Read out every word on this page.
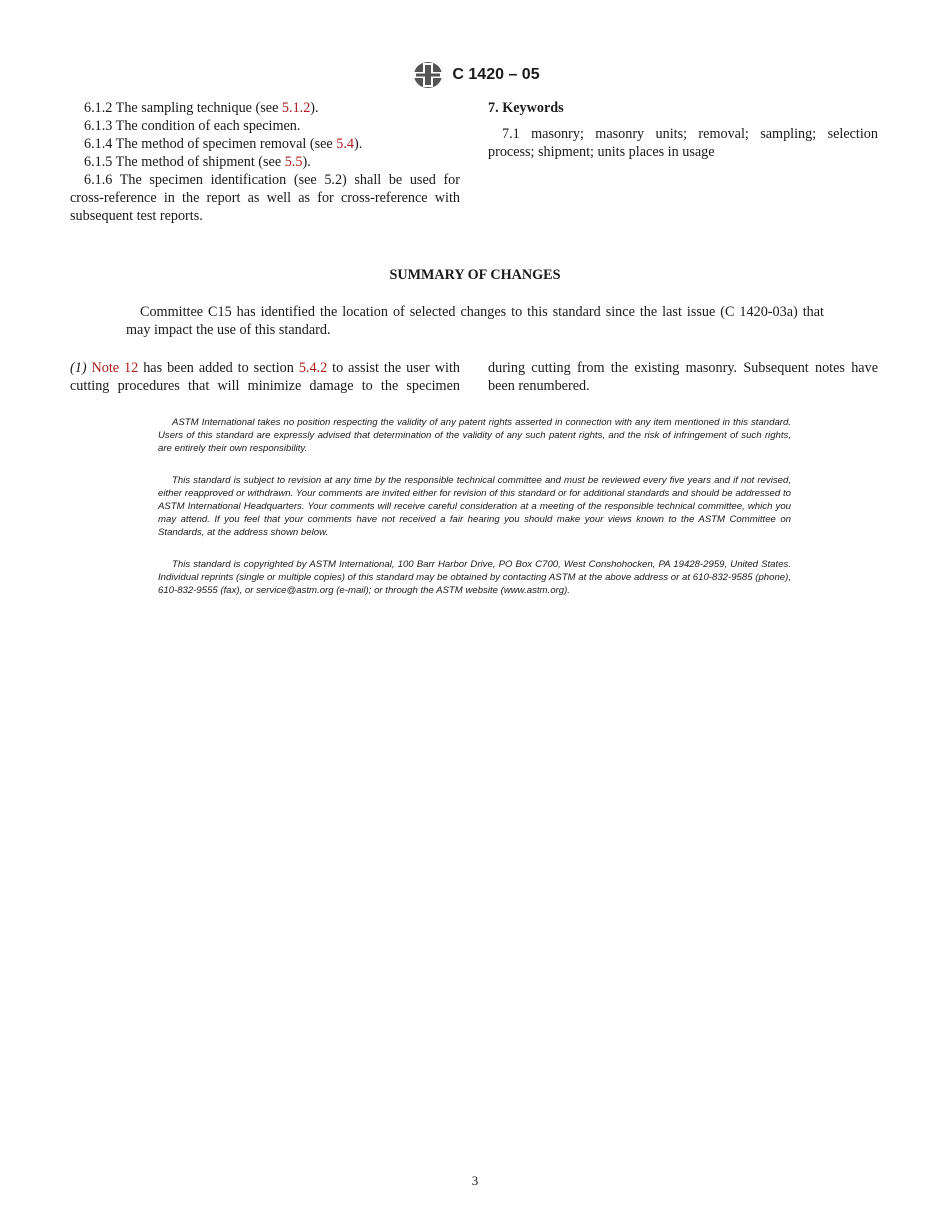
C 1420 – 05
6.1.2 The sampling technique (see 5.1.2).
6.1.3 The condition of each specimen.
6.1.4 The method of specimen removal (see 5.4).
6.1.5 The method of shipment (see 5.5).
6.1.6 The specimen identification (see 5.2) shall be used for cross-reference in the report as well as for cross-reference with subsequent test reports.

7. Keywords

7.1 masonry; masonry units; removal; sampling; selection process; shipment; units places in usage

SUMMARY OF CHANGES
Committee C15 has identified the location of selected changes to this standard since the last issue (C 1420-03a) that may impact the use of this standard.
(1) Note 12 has been added to section 5.4.2 to assist the user with cutting procedures that will minimize damage to the specimen during cutting from the existing masonry. Subsequent notes have been renumbered.
ASTM International takes no position respecting the validity of any patent rights asserted in connection with any item mentioned in this standard. Users of this standard are expressly advised that determination of the validity of any such patent rights, and the risk of infringement of such rights, are entirely their own responsibility.
This standard is subject to revision at any time by the responsible technical committee and must be reviewed every five years and if not revised, either reapproved or withdrawn. Your comments are invited either for revision of this standard or for additional standards and should be addressed to ASTM International Headquarters. Your comments will receive careful consideration at a meeting of the responsible technical committee, which you may attend. If you feel that your comments have not received a fair hearing you should make your views known to the ASTM Committee on Standards, at the address shown below.
This standard is copyrighted by ASTM International, 100 Barr Harbor Drive, PO Box C700, West Conshohocken, PA 19428-2959, United States. Individual reprints (single or multiple copies) of this standard may be obtained by contacting ASTM at the above address or at 610-832-9585 (phone), 610-832-9555 (fax), or service@astm.org (e-mail); or through the ASTM website (www.astm.org).
3
